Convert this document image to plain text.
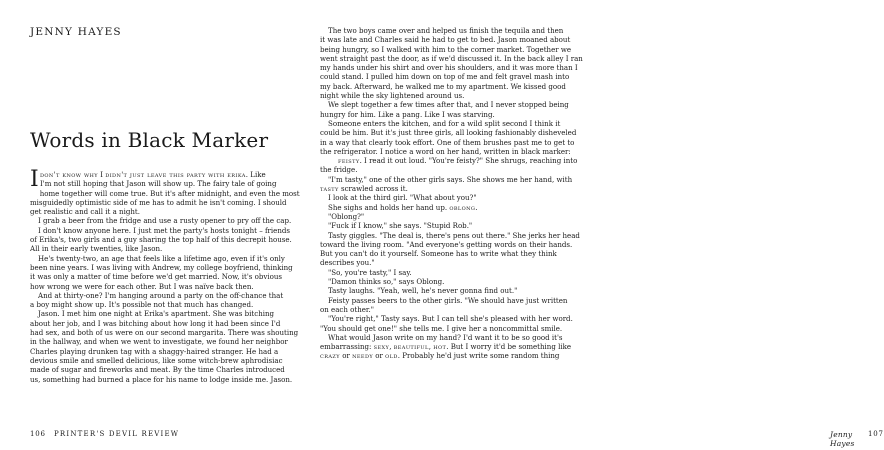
JENNY HAYES
Words in Black Marker
I don't know why I didn't just leave this party with erika. Like
I'm not still hoping that Jason will show up. The fairy tale of going
home together will come true. But it's after midnight, and even the most
misguidedly optimistic side of me has to admit he isn't coming. I should
get realistic and call it a night.
I grab a beer from the fridge and use a rusty opener to pry off the cap.
I don't know anyone here. I just met the party's hosts tonight – friends
of Erika's, two girls and a guy sharing the top half of this decrepit house.
All in their early twenties, like Jason.
He's twenty-two, an age that feels like a lifetime ago, even if it's only
been nine years. I was living with Andrew, my college boyfriend, thinking
it was only a matter of time before we'd get married. Now, it's obvious
how wrong we were for each other. But I was naïve back then.
And at thirty-one? I'm hanging around a party on the off-chance that
a boy might show up. It's possible not that much has changed.
Jason. I met him one night at Erika's apartment. She was bitching
about her job, and I was bitching about how long it had been since I'd
had sex, and both of us were on our second margarita. There was shouting
in the hallway, and when we went to investigate, we found her neighbor
Charles playing drunken tag with a shaggy-haired stranger. He had a
devious smile and smelled delicious, like some witch-brew aphrodisiac
made of sugar and fireworks and meat. By the time Charles introduced
us, something had burned a place for his name to lodge inside me. Jason.
106 PRINTER'S DEVIL REVIEW
The two boys came over and helped us finish the tequila and then
it was late and Charles said he had to get to bed. Jason moaned about
being hungry, so I walked with him to the corner market. Together we
went straight past the door, as if we'd discussed it. In the back alley I ran
my hands under his shirt and over his shoulders, and it was more than I
could stand. I pulled him down on top of me and felt gravel mash into
my back. Afterward, he walked me to my apartment. We kissed good
night while the sky lightened around us.
We slept together a few times after that, and I never stopped being
hungry for him. Like a pang. Like I was starving.
Someone enters the kitchen, and for a wild split second I think it
could be him. But it's just three girls, all looking fashionably disheveled
in a way that clearly took effort. One of them brushes past me to get to
the refrigerator. I notice a word on her hand, written in black marker:
feisty. I read it out loud. "You're feisty?" She shrugs, reaching into
the fridge.
"I'm tasty," one of the other girls says. She shows me her hand, with
tasty scrawled across it.
I look at the third girl. "What about you?"
She sighs and holds her hand up. oblong.
"Oblong?"
"Fuck if I know," she says. "Stupid Rob."
Tasty giggles. "The deal is, there's pens out there." She jerks her head
toward the living room. "And everyone's getting words on their hands.
But you can't do it yourself. Someone has to write what they think
describes you."
"So, you're tasty," I say.
"Damon thinks so," says Oblong.
Tasty laughs. "Yeah, well, he's never gonna find out."
Feisty passes beers to the other girls. "We should have just written
on each other."
"You're right," Tasty says. But I can tell she's pleased with her word.
"You should get one!" she tells me. I give her a noncommittal smile.
What would Jason write on my hand? I'd want it to be so good it's
embarrassing: sexy, beautiful, hot. But I worry it'd be something like
crazy or needy or old. Probably he'd just write some random thing
Jenny Hayes
107
